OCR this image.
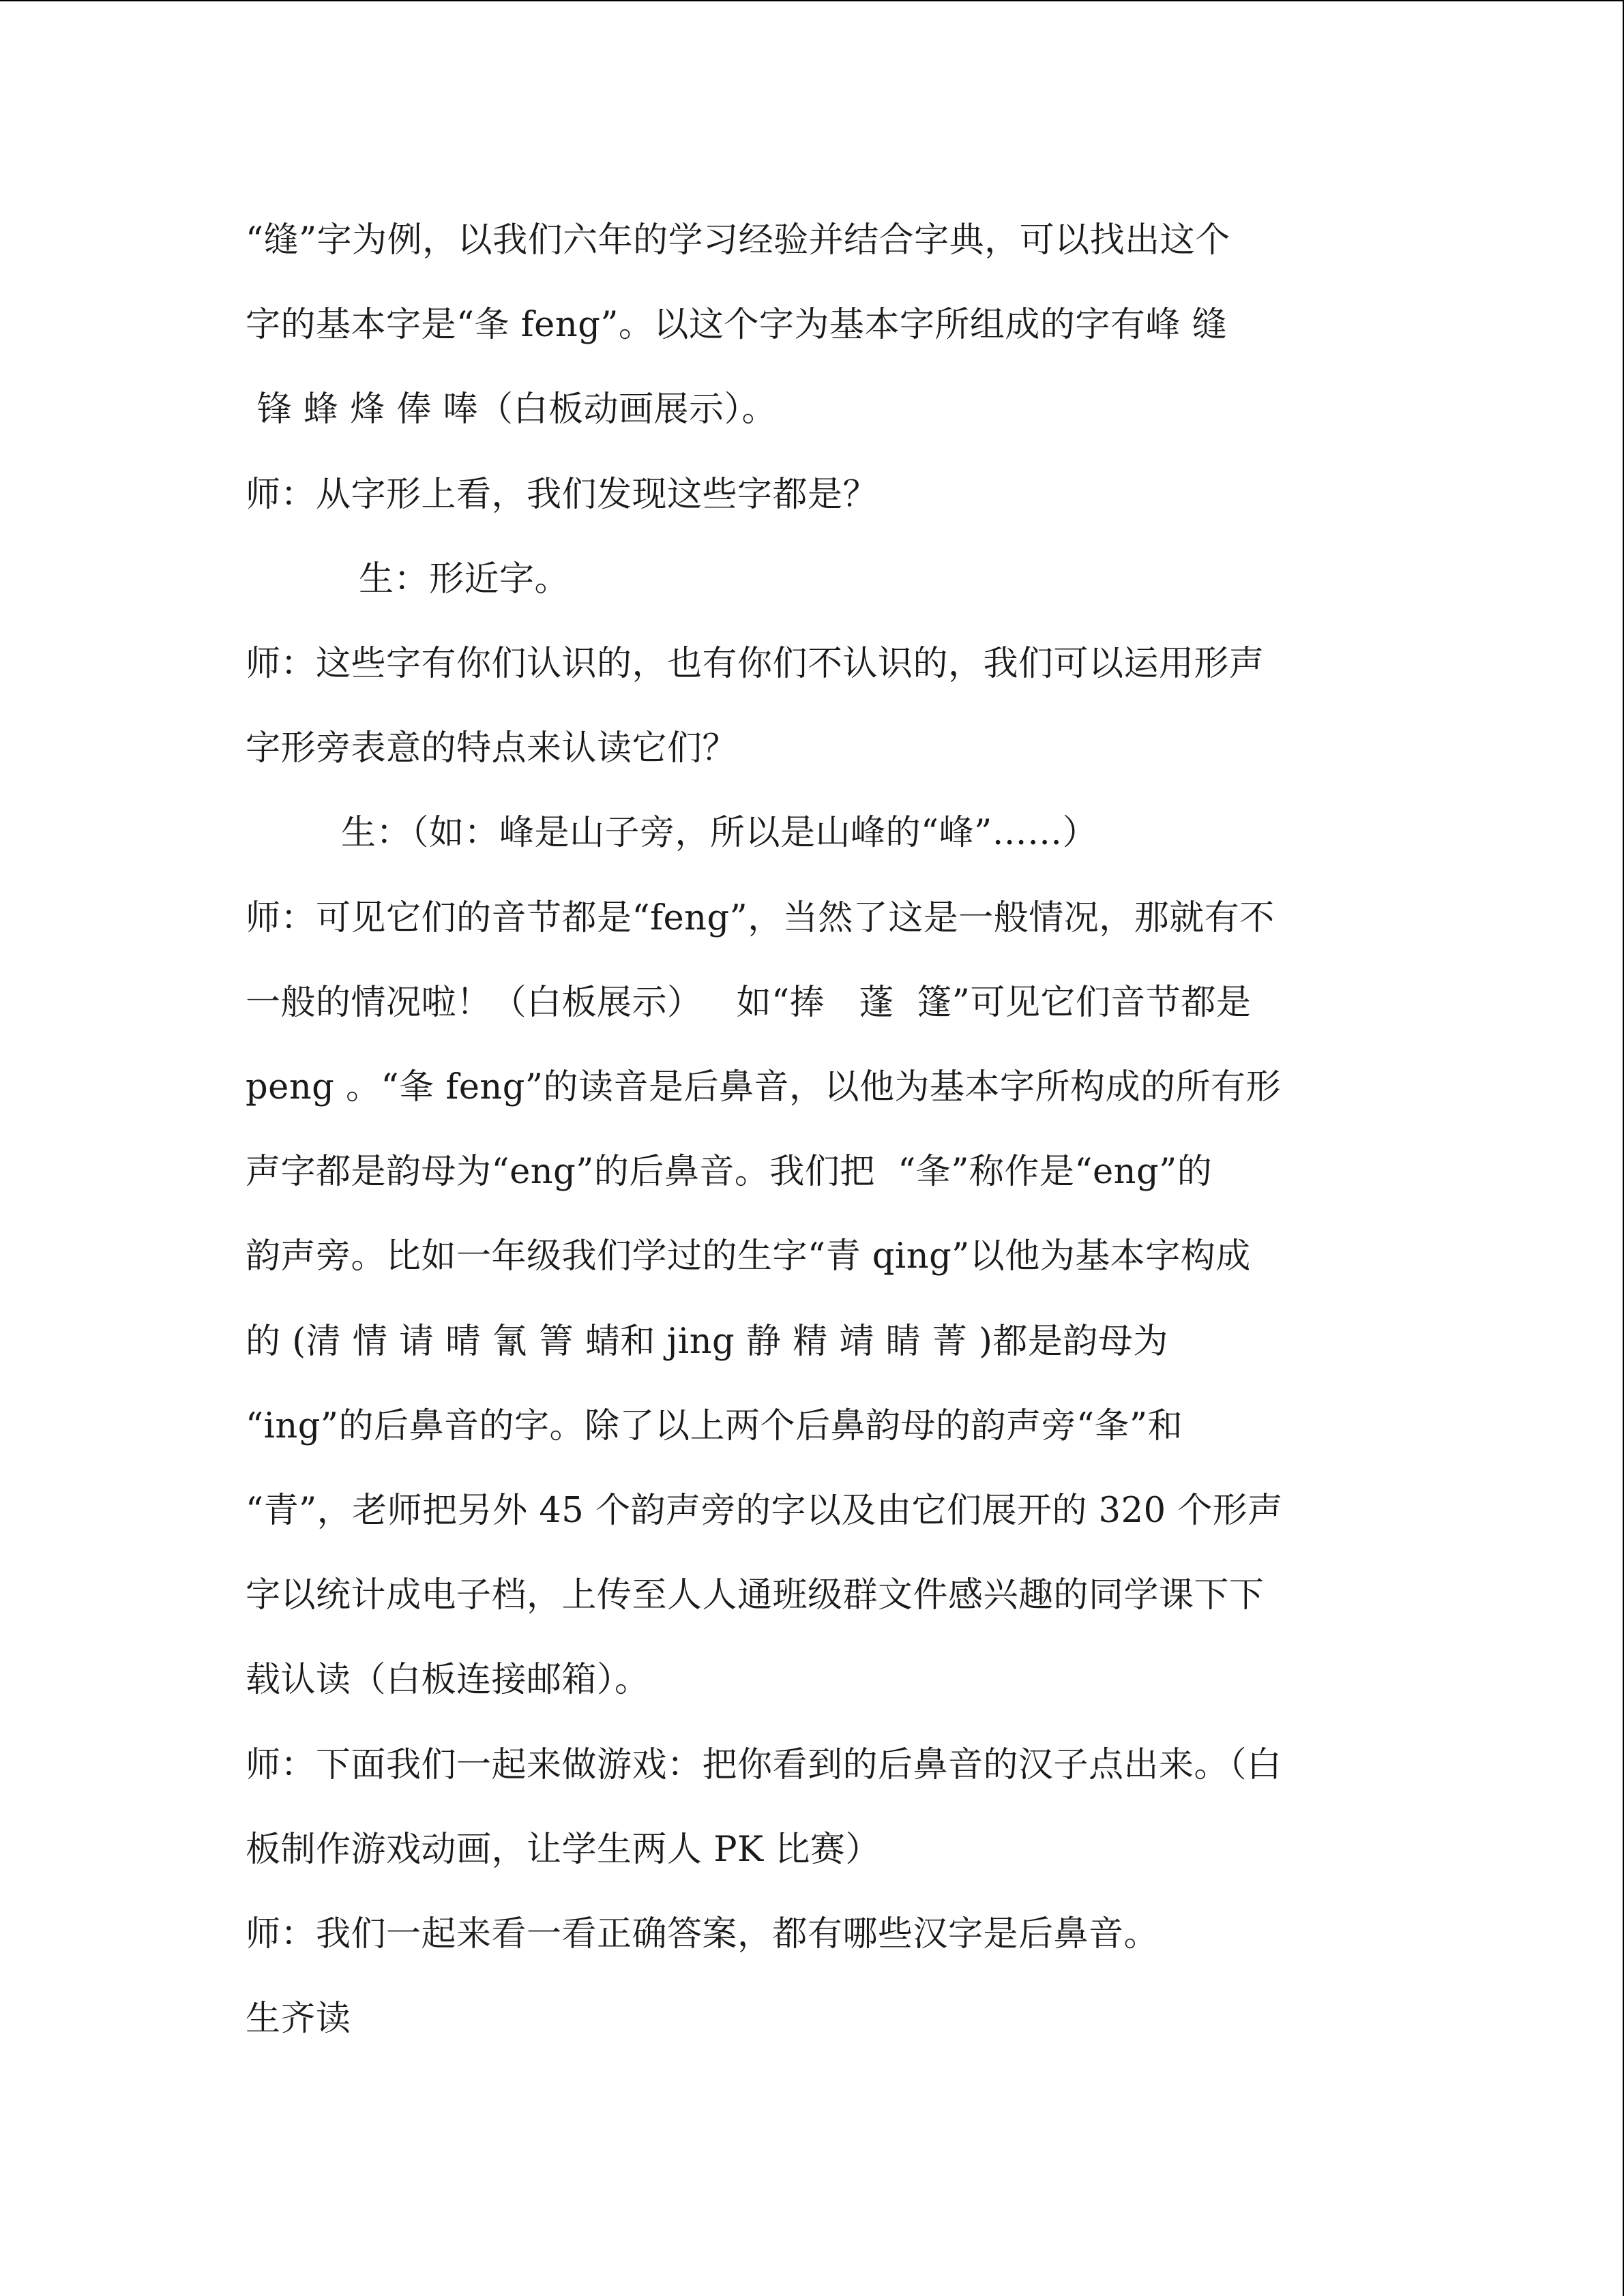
“缝”字为例，以我们六年的学习经验并结合字典，可以找出这个
字的基本字是“夆 feng”。以这个字为基本字所组成的字有峰 缝
锋 蜂 烽 俸 唪（白板动画展示）。
师：从字形上看，我们发现这些字都是？
生：形近字。
师：这些字有你们认识的，也有你们不认识的，我们可以运用形声
字形旁表意的特点来认读它们？
生：（如：峰是山子旁，所以是山峰的“峰”……）
师：可见它们的音节都是“feng”，当然了这是一般情况，那就有不
一般的情况啦！（白板展示）   如“捧   蓬  篷”可见它们音节都是
peng 。“夆 feng”的读音是后鼻音，以他为基本字所构成的所有形
声字都是韵母为“eng”的后鼻音。我们把  “夆”称作是“eng”的
韵声旁。比如一年级我们学过的生字“青 qing”以他为基本字构成
的 (清 情 请 晴 氰 箐 蜻和 jing 静 精 靖 睛 菁 )都是韵母为
“ing”的后鼻音的字。除了以上两个后鼻韵母的韵声旁“夆”和
“青”，老师把另外 45 个韵声旁的字以及由它们展开的 320 个形声
字以统计成电子档，上传至人人通班级群文件感兴趣的同学课下下
载认读（白板连接邮箱）。
师：下面我们一起来做游戏：把你看到的后鼻音的汉子点出来。（白
板制作游戏动画，让学生两人 PK 比赛）
师：我们一起来看一看正确答案，都有哪些汉字是后鼻音。
生齐读
